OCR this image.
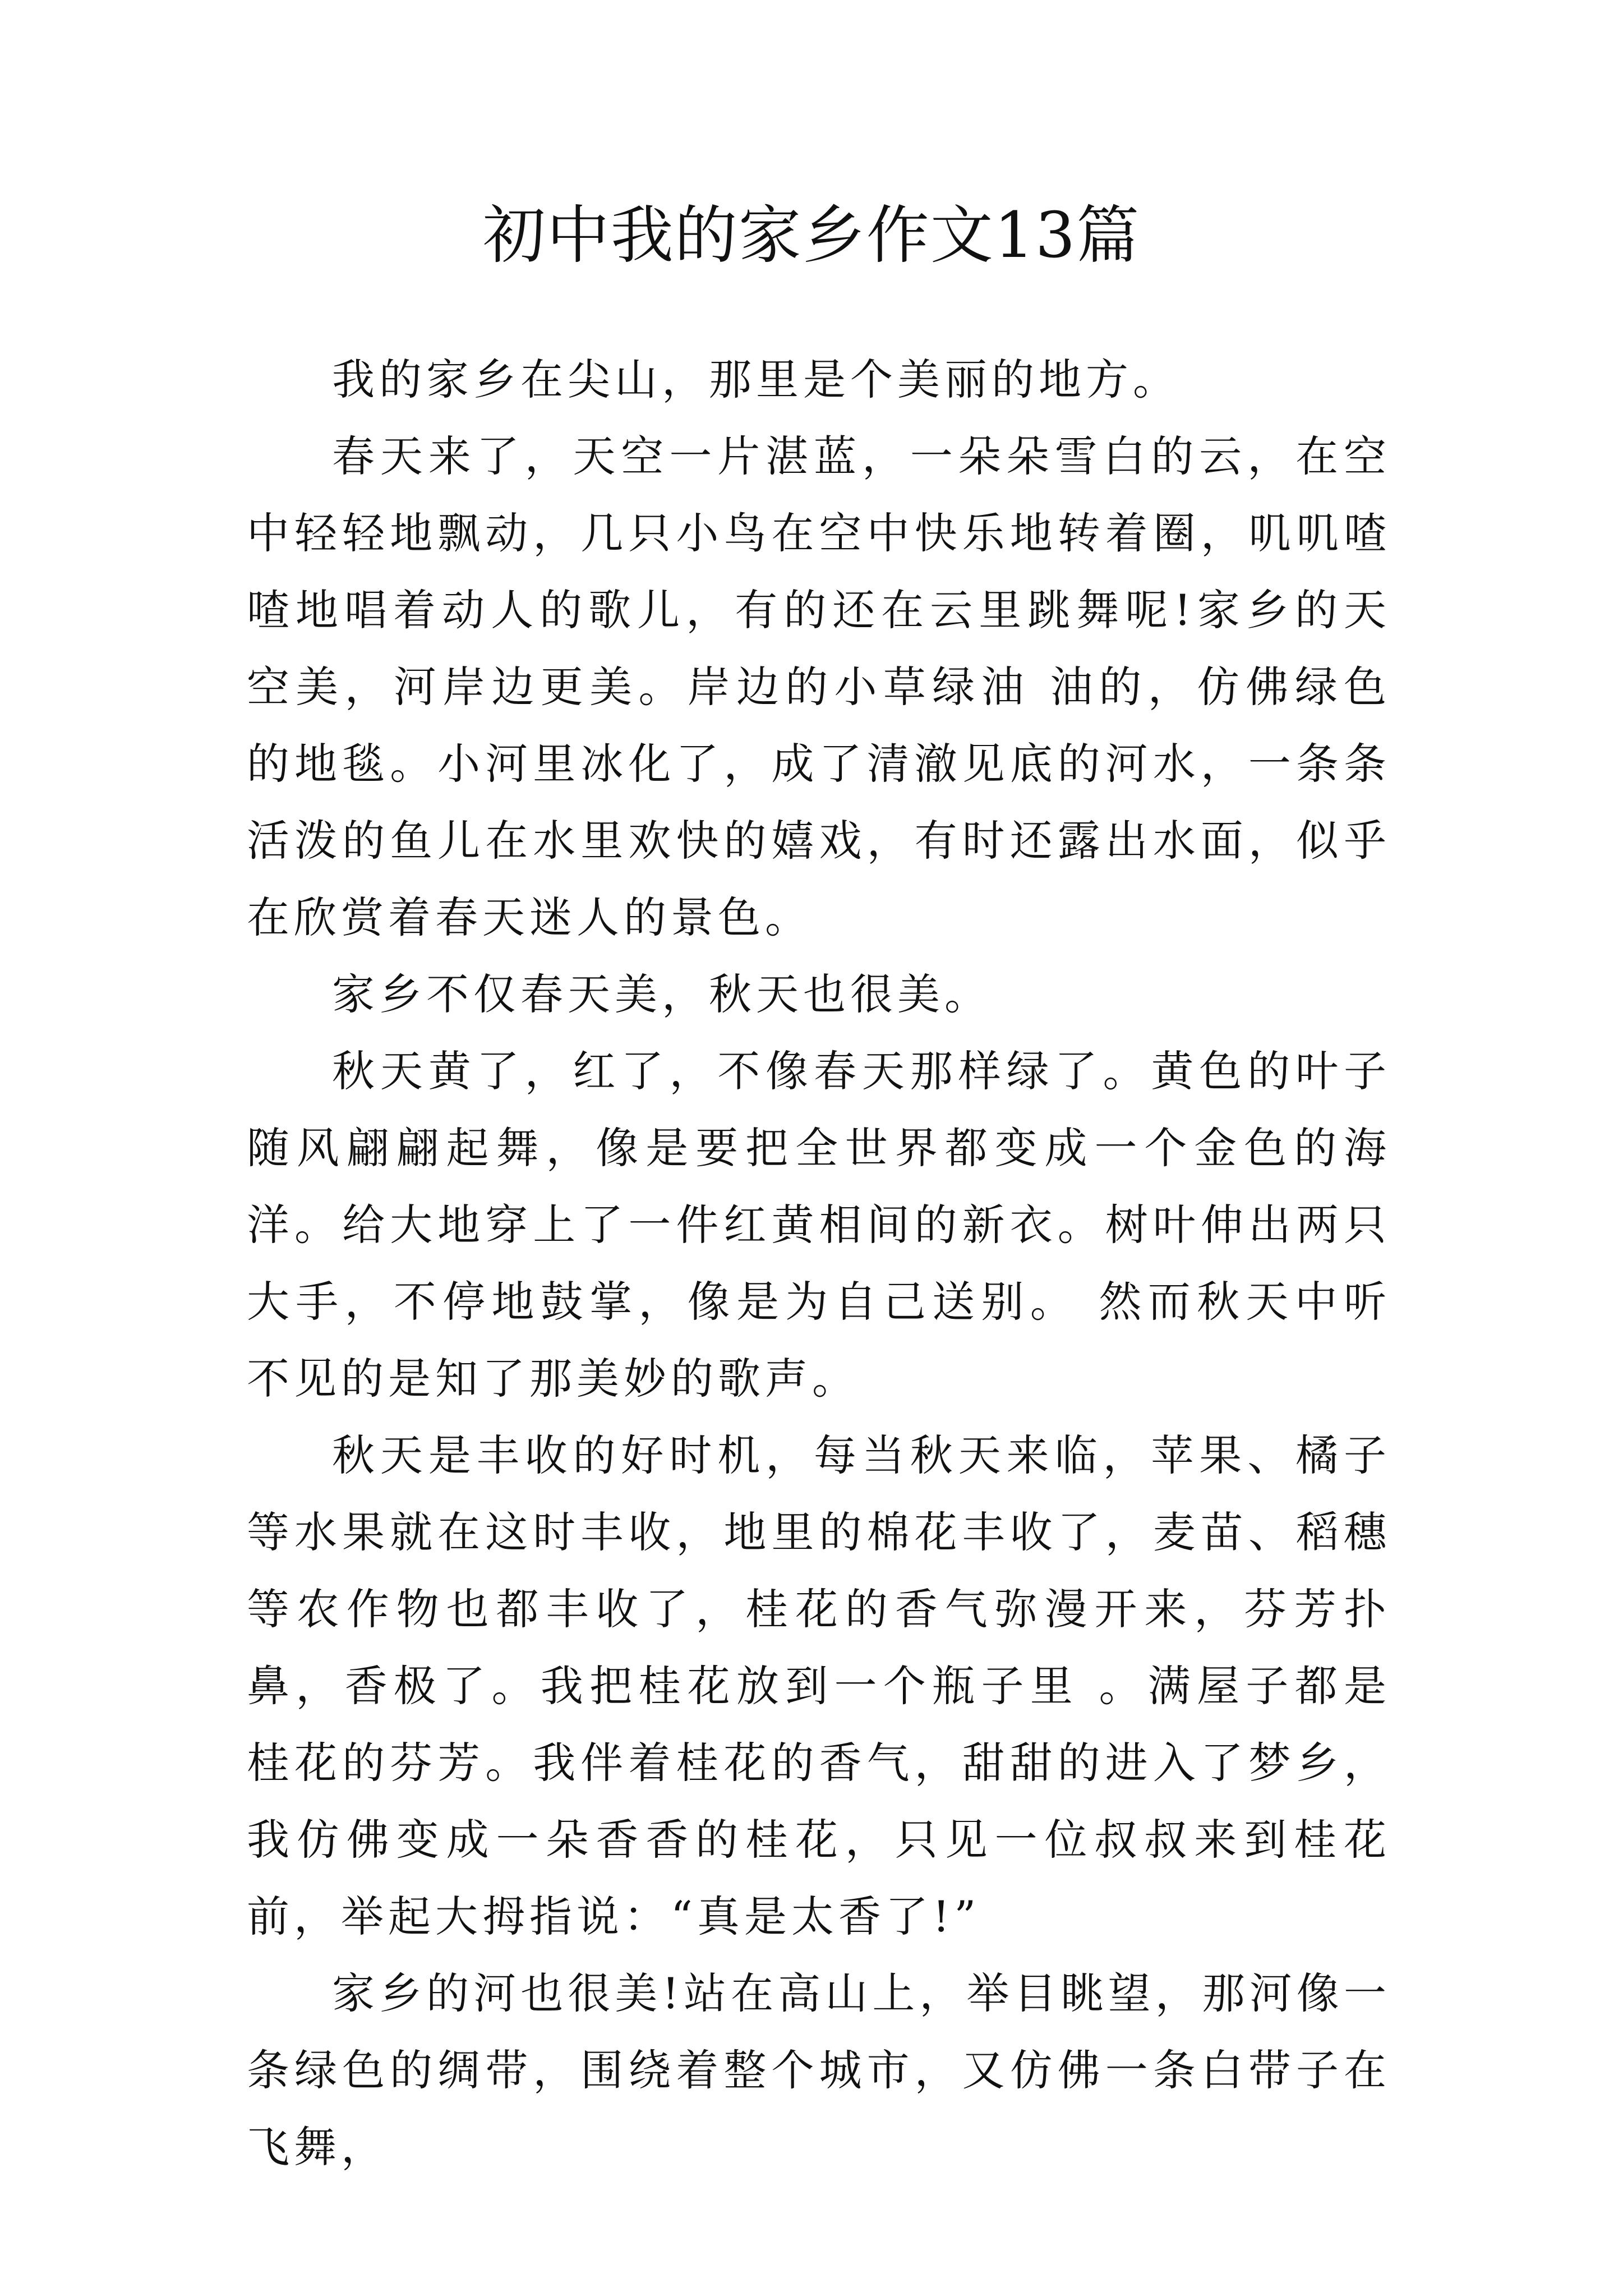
初中我的家乡作文13篇

我的家乡在尖山，那里是个美丽的地方。

春天来了，天空一片湛蓝，一朵朵雪白的云，在空中轻轻地飘动，几只小鸟在空中快乐地转着圈，叽叽喳喳地唱着动人的歌儿，有的还在云里跳舞呢!家乡的天空美，河岸边更美。岸边的小草绿油 油的，仿佛绿色的地毯。小河里冰化了，成了清澈见底的河水，一条条活泼的鱼儿在水里欢快的嬉戏，有时还露出水面，似乎在欣赏着春天迷人的景色。

家乡不仅春天美，秋天也很美。

秋天黄了，红了，不像春天那样绿了。黄色的叶子随风翩翩起舞，像是要把全世界都变成一个金色的海洋。给大地穿上了一件红黄相间的新衣。树叶伸出两只大手，不停地鼓掌，像是为自己送别。 然而秋天中听不见的是知了那美妙的歌声。

秋天是丰收的好时机，每当秋天来临，苹果、橘子等水果就在这时丰收，地里的棉花丰收了，麦苗、稻穗等农作物也都丰收了，桂花的香气弥漫开来，芬芳扑鼻，香极了。我把桂花放到一个瓶子里 。满屋子都是桂花的芬芳。我伴着桂花的香气，甜甜的进入了梦乡，我仿佛变成一朵香香的桂花，只见一位叔叔来到桂花前，举起大拇指说：“真是太香了!”

家乡的河也很美!站在高山上，举目眺望，那河像一条绿色的绸带，围绕着整个城市，又仿佛一条白带子在飞舞，
